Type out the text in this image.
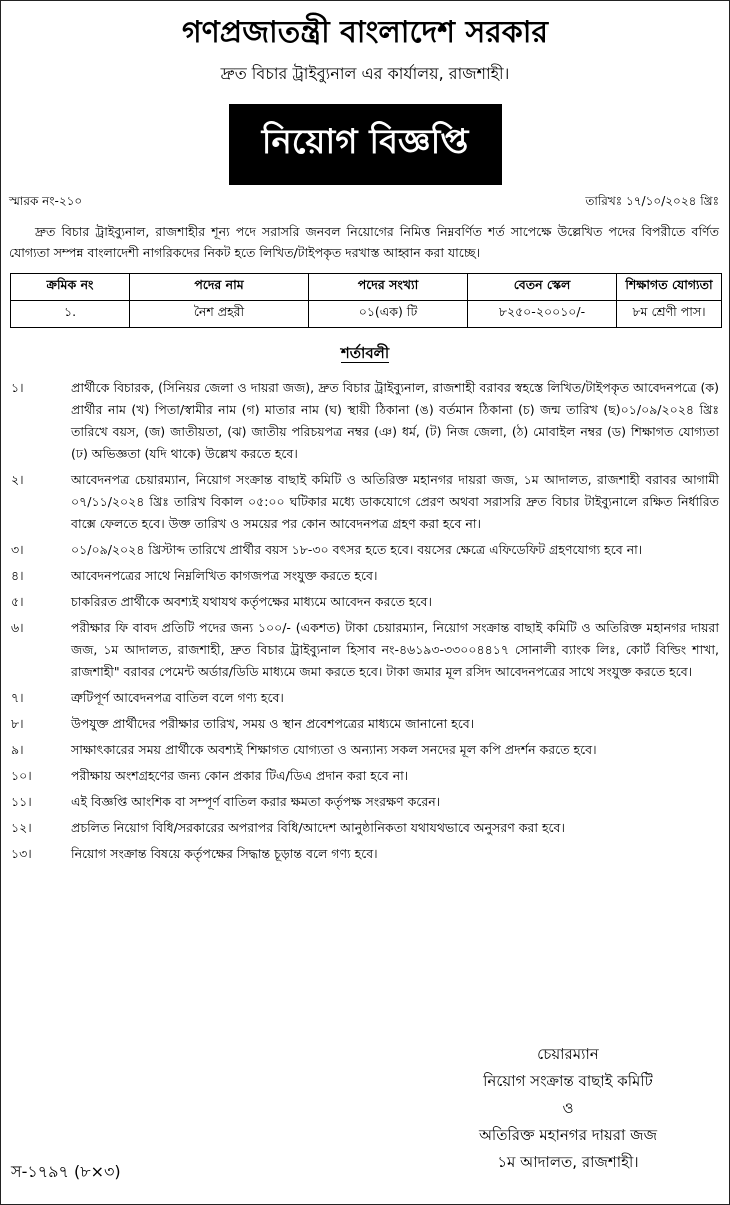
গণপ্রজাতন্ত্রী বাংলাদেশ সরকার
দ্রুত বিচার ট্রাইব্যুনাল এর কার্যালয়, রাজশাহী।
নিয়োগ বিজ্ঞপ্তি
স্মারক নং-২১০	তারিখঃ ১৭/১০/২০২৪ খ্রিঃ
দ্রুত বিচার ট্রাইব্যুনাল, রাজশাহীর শূন্য পদে সরাসরি জনবল নিয়োগের নিমিত্ত নিম্নবর্ণিত শর্ত সাপেক্ষে উল্লেখিত পদের বিপরীতে বর্ণিত যোগ্যতা সম্পন্ন বাংলাদেশী নাগরিকদের নিকট হতে লিখিত/টাইপকৃত দরখাস্ত আহ্বান করা যাচ্ছে।
ক্রমিক নং	পদের নাম	পদের সংখ্যা	বেতন স্কেল	শিক্ষাগত যোগ্যতা
১.	নৈশ প্রহরী	০১(এক) টি	৮২৫০-২০০১০/-	৮ম শ্রেণী পাস।
শর্তাবলী
১।	প্রার্থীকে বিচারক, (সিনিয়র জেলা ও দায়রা জজ), দ্রুত বিচার ট্রাইব্যুনাল, রাজশাহী বরাবর স্বহস্তে লিখিত/টাইপকৃত আবেদনপত্রে (ক) প্রার্থীর নাম (খ) পিতা/স্বামীর নাম (গ) মাতার নাম (ঘ) স্থায়ী ঠিকানা (ঙ) বর্তমান ঠিকানা (চ) জন্ম তারিখ (ছ)০১/০৯/২০২৪ খ্রিঃ তারিখে বয়স, (জ) জাতীয়তা, (ঝ) জাতীয় পরিচয়পত্র নম্বর (ঞ) ধর্ম, (ট) নিজ জেলা, (ঠ) মোবাইল নম্বর (ড) শিক্ষাগত যোগ্যতা (ঢ) অভিজ্ঞতা (যদি থাকে) উল্লেখ করতে হবে।
২।	আবেদনপত্র চেয়ারম্যান, নিয়োগ সংক্রান্ত বাছাই কমিটি ও অতিরিক্ত মহানগর দায়রা জজ, ১ম আদালত, রাজশাহী বরাবর আগামী ০৭/১১/২০২৪ খ্রিঃ তারিখ বিকাল ০৫:০০ ঘটিকার মধ্যে ডাকযোগে প্রেরণ অথবা সরাসরি দ্রুত বিচার টাইব্যুনালে রক্ষিত নির্ধারিত বাক্সে ফেলতে হবে। উক্ত তারিখ ও সময়ের পর কোন আবেদনপত্র গ্রহণ করা হবে না।
৩।	০১/০৯/২০২৪ খ্রিস্টাব্দ তারিখে প্রার্থীর বয়স ১৮-৩০ বৎসর হতে হবে। বয়সের ক্ষেত্রে এফিডেফিট গ্রহণযোগ্য হবে না।
৪।	আবেদনপত্রের সাথে নিম্নলিখিত কাগজপত্র সংযুক্ত করতে হবে।
৫।	চাকরিরত প্রার্থীকে অবশ্যই যথাযথ কর্তৃপক্ষের মাধ্যমে আবেদন করতে হবে।
৬।	পরীক্ষার ফি বাবদ প্রতিটি পদের জন্য ১০০/- (একশত) টাকা চেয়ারম্যান, নিয়োগ সংক্রান্ত বাছাই কমিটি ও অতিরিক্ত মহানগর দায়রা জজ, ১ম আদালত, রাজশাহী, দ্রুত বিচার ট্রাইব্যুনাল হিসাব নং-৪৬১৯৩-৩৩০০৪৪১৭ সোনালী ব্যাংক লিঃ, কোর্ট বিল্ডিং শাখা, রাজশাহী" বরাবর পেমেন্ট অর্ডার/ডিডি মাধ্যমে জমা করতে হবে। টাকা জমার মূল রসিদ আবেদনপত্রের সাথে সংযুক্ত করতে হবে।
৭।	ত্রুটিপূর্ণ আবেদনপত্র বাতিল বলে গণ্য হবে।
৮।	উপযুক্ত প্রার্থীদের পরীক্ষার তারিখ, সময় ও স্থান প্রবেশপত্রের মাধ্যমে জানানো হবে।
৯।	সাক্ষাৎকারের সময় প্রার্থীকে অবশ্যই শিক্ষাগত যোগ্যতা ও অন্যান্য সকল সনদের মূল কপি প্রদর্শন করতে হবে।
১০।	পরীক্ষায় অংশগ্রহণের জন্য কোন প্রকার টিএ/ডিএ প্রদান করা হবে না।
১১।	এই বিজ্ঞপ্তি আংশিক বা সম্পূর্ণ বাতিল করার ক্ষমতা কর্তৃপক্ষ সংরক্ষণ করেন।
১২।	প্রচলিত নিয়োগ বিধি/সরকারের অপরাপর বিধি/আদেশ আনুষ্ঠানিকতা যথাযথভাবে অনুসরণ করা হবে।
১৩।	নিয়োগ সংক্রান্ত বিষয়ে কর্তৃপক্ষের সিদ্ধান্ত চূড়ান্ত বলে গণ্য হবে।
চেয়ারম্যান
নিয়োগ সংক্রান্ত বাছাই কমিটি
ও
অতিরিক্ত মহানগর দায়রা জজ
১ম আদালত, রাজশাহী।
স-১৭৯৭ (৮×৩)
